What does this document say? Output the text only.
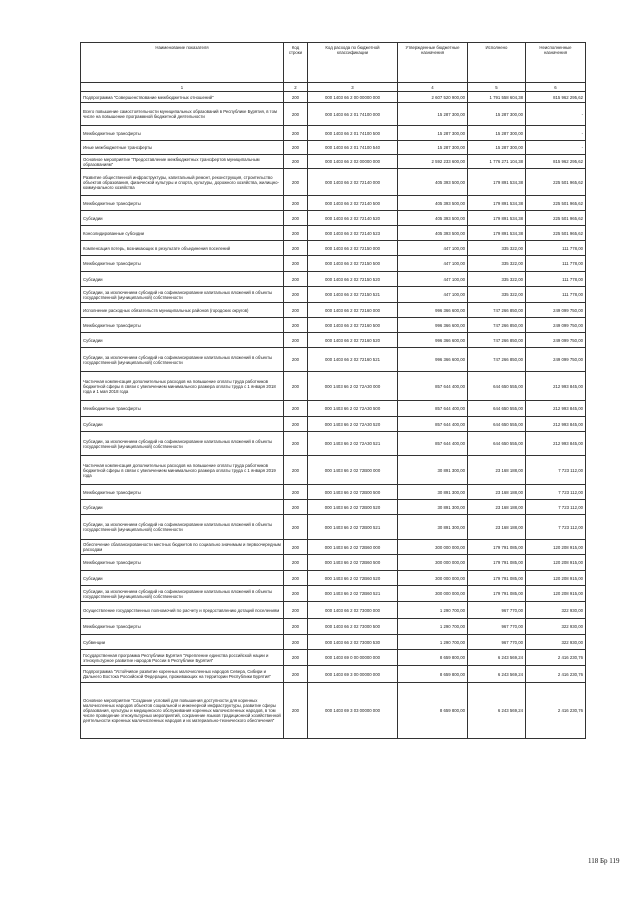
Наименование показателя	Код строки	Код расхода по бюджетной классификации	Утвержденные бюджетные назначения	Исполнено	Неисполненные назначения
1	2	3	4	5	6
Подпрограмма "Совершенствование межбюджетных отношений"	200	000 1403 66 2 00 00000 000	2 607 520 900,00	1 791 558 604,38	815 962 295,62
Всего повышение самостоятельности муниципальных образований в Республике Бурятия, в том числе на повышение программной бюджетной деятельности	200	000 1403 66 2 01 74100 000	15 287 300,00	15 287 300,00	-
Межбюджетные трансферты	200	000 1403 66 2 01 74100 500	15 287 300,00	15 287 300,00	-
Иные межбюджетные трансферты	200	000 1403 66 2 01 74100 540	15 287 300,00	15 287 300,00	-
Основное мероприятие "Предоставление межбюджетных трансфертов муниципальным образованиям"	200	000 1403 66 2 02 00000 000	2 592 233 600,00	1 776 271 104,38	815 962 295,62
Развитие общественной инфраструктуры, капитальный ремонт, реконструкция, строительство объектов образования, физической культуры и спорта, культуры, дорожного хозяйства, жилищно-коммунального хозяйства	200	000 1403 66 2 02 72140 000	405 393 500,00	179 891 534,38	225 501 965,62
Межбюджетные трансферты	200	000 1403 66 2 02 72140 500	405 393 500,00	179 891 534,38	225 501 965,62
Субсидии	200	000 1403 66 2 02 72140 520	405 393 500,00	179 891 534,38	225 501 965,62
Консолидированные субсидии	200	000 1403 66 2 02 72140 523	405 393 500,00	179 891 534,38	225 501 965,62
Компенсация потерь, возникающих в результате объединения поселений	200	000 1403 66 2 02 72150 000	447 100,00	335 322,00	111 778,00
Межбюджетные трансферты	200	000 1403 66 2 02 72150 500	447 100,00	335 322,00	111 778,00
Субсидии	200	000 1403 66 2 02 72150 520	447 100,00	335 322,00	111 778,00
Субсидии, за исключением субсидий на софинансирование капитальных вложений в объекты государственной (муниципальной) собственности	200	000 1403 66 2 02 72150 521	447 100,00	335 322,00	111 778,00
Исполнение расходных обязательств муниципальных районов (городских округов)	200	000 1403 66 2 02 72160 000	996 366 600,00	747 266 850,00	249 099 750,00
Межбюджетные трансферты	200	000 1403 66 2 02 72160 500	996 366 600,00	747 266 850,00	249 099 750,00
Субсидии	200	000 1403 66 2 02 72160 520	996 366 600,00	747 266 850,00	249 099 750,00
Субсидии, за исключением субсидий на софинансирование капитальных вложений в объекты государственной (муниципальной) собственности	200	000 1403 66 2 02 72160 521	996 366 600,00	747 266 850,00	249 099 750,00
Частичная компенсация дополнительных расходов на повышение оплаты труда работников бюджетной сферы в связи с увеличением минимального размера оплаты труда с 1 января 2018 года и 1 мая 2018 года	200	000 1403 66 2 02 72A30 000	857 644 400,00	644 650 555,00	212 993 845,00
Межбюджетные трансферты	200	000 1403 66 2 02 72A30 500	857 644 400,00	644 650 555,00	212 993 845,00
Субсидии	200	000 1403 66 2 02 72A30 520	857 644 400,00	644 650 555,00	212 993 845,00
Субсидии, за исключением субсидий на софинансирование капитальных вложений в объекты государственной (муниципальной) собственности	200	000 1403 66 2 02 72A30 521	857 644 400,00	644 650 555,00	212 993 845,00
Частичная компенсация дополнительных расходов на повышение оплаты труда работников бюджетной сферы в связи с увеличением минимального размера оплаты труда с 1 января 2019 года	200	000 1403 66 2 02 72B00 000	30 891 300,00	23 168 188,00	7 723 112,00
Межбюджетные трансферты	200	000 1403 66 2 02 72B00 500	30 891 300,00	23 168 188,00	7 723 112,00
Субсидии	200	000 1403 66 2 02 72B00 520	30 891 300,00	23 168 188,00	7 723 112,00
Субсидии, за исключением субсидий на софинансирование капитальных вложений в объекты государственной (муниципальной) собственности	200	000 1403 66 2 02 72B00 521	30 891 300,00	23 168 188,00	7 723 112,00
Обеспечение сбалансированности местных бюджетов по социально значимым и первоочередным расходам	200	000 1403 66 2 02 72B60 000	300 000 000,00	179 791 085,00	120 208 915,00
Межбюджетные трансферты	200	000 1403 66 2 02 72B60 500	300 000 000,00	179 791 085,00	120 208 915,00
Субсидии	200	000 1403 66 2 02 72B60 520	300 000 000,00	179 791 085,00	120 208 915,00
Субсидии, за исключением субсидий на софинансирование капитальных вложений в объекты государственной (муниципальной) собственности	200	000 1403 66 2 02 72B60 521	300 000 000,00	179 791 085,00	120 208 915,00
Осуществление государственных полномочий по расчету и предоставлению дотаций поселениям	200	000 1403 66 2 02 73000 000	1 290 700,00	967 770,00	322 930,00
Межбюджетные трансферты	200	000 1403 66 2 02 73000 500	1 290 700,00	967 770,00	322 930,00
Субвенции	200	000 1403 66 2 02 73000 530	1 290 700,00	967 770,00	322 930,00
Государственная программа Республики Бурятия "Укрепление единства российской нации и этнокультурное развитие народов России в Республике Бурятия"	200	000 1403 69 0 00 00000 000	8 659 800,00	6 243 569,24	2 416 230,76
Подпрограмма "Устойчивое развитие коренных малочисленных народов Севера, Сибири и Дальнего Востока Российской Федерации, проживающих на территории Республики Бурятия"	200	000 1403 69 3 00 00000 000	8 659 800,00	6 243 569,24	2 416 230,76
Основное мероприятие "Создание условий для повышения доступности для коренных малочисленных народов объектов социальной и инженерной инфраструктуры, развитие сферы образования, культуры и медицинского обслуживания коренных малочисленных народов, в том числе проведение этнокультурных мероприятий, сохранение языков традиционной хозяйственной деятельности коренных малочисленных народов и их материально-технического обеспечения"	200	000 1403 69 3 03 00000 000	8 659 800,00	6 243 569,24	2 416 230,76
118 Бр 119
